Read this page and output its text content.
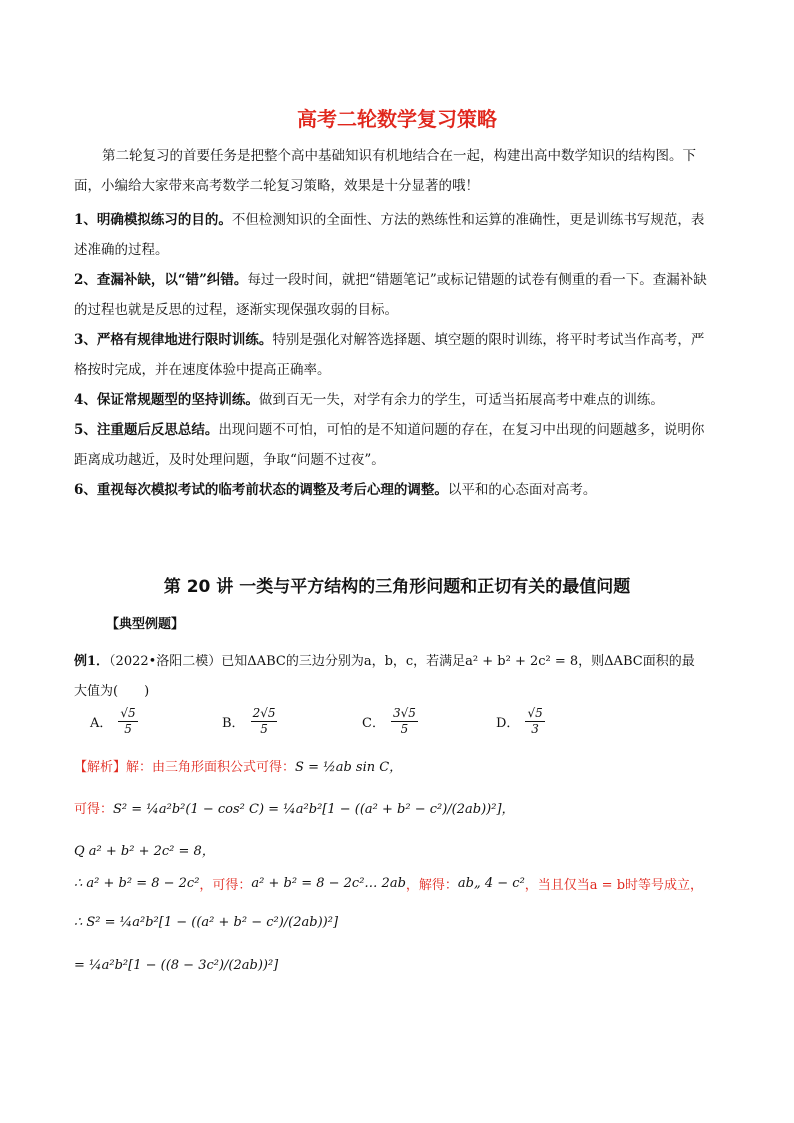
高考二轮数学复习策略
第二轮复习的首要任务是把整个高中基础知识有机地结合在一起，构建出高中数学知识的结构图。下
面，小编给大家带来高考数学二轮复习策略，效果是十分显著的哦！
1、明确模拟练习的目的。不但检测知识的全面性、方法的熟练性和运算的准确性，更是训练书写规范，表
述准确的过程。
2、查漏补缺，以“错”纠错。每过一段时间，就把“错题笔记”或标记错题的试卷有侧重的看一下。查漏补缺
的过程也就是反思的过程，逐渐实现保强攻弱的目标。
3、严格有规律地进行限时训练。特别是强化对解答选择题、填空题的限时训练，将平时考试当作高考，严
格按时完成，并在速度体验中提高正确率。
4、保证常规题型的坚持训练。做到百无一失，对学有余力的学生，可适当拓展高考中难点的训练。
5、注重题后反思总结。出现问题不可怕，可怕的是不知道问题的存在，在复习中出现的问题越多，说明你
距离成功越近，及时处理问题，争取“问题不过夜”。
6、重视每次模拟考试的临考前状态的调整及考后心理的调整。以平和的心态面对高考。
第 20 讲 一类与平方结构的三角形问题和正切有关的最值问题
【典型例题】
例1．（2022•洛阳二模）已知ΔABC的三边分别为a，b，c，若满足a² + b² + 2c² = 8，则ΔABC面积的最
大值为(　　)
A． $\frac{√5}{5}$	B． $\frac{2√5}{5}$	C． $\frac{3√5}{5}$	D． $\frac{√5}{3}$
【解析】 解：由三角形面积公式可得： S = ½ab sin C，
可得： S² = ¼a²b²(1 − cos² C) = ¼a²b²[1 − ((a² + b² − c²)/(2ab))²]，
Q a² + b² + 2c² = 8，
∴ a² + b² = 8 − 2c² ，可得： a² + b² = 8 − 2c²… 2ab ，解得： ab„ 4 − c² ，当且仅当a = b时等号成立，
∴ S² = ¼a²b²[1 − ((a² + b² − c²)/(2ab))²]
= ¼a²b²[1 − ((8 − 3c²)/(2ab))²]
